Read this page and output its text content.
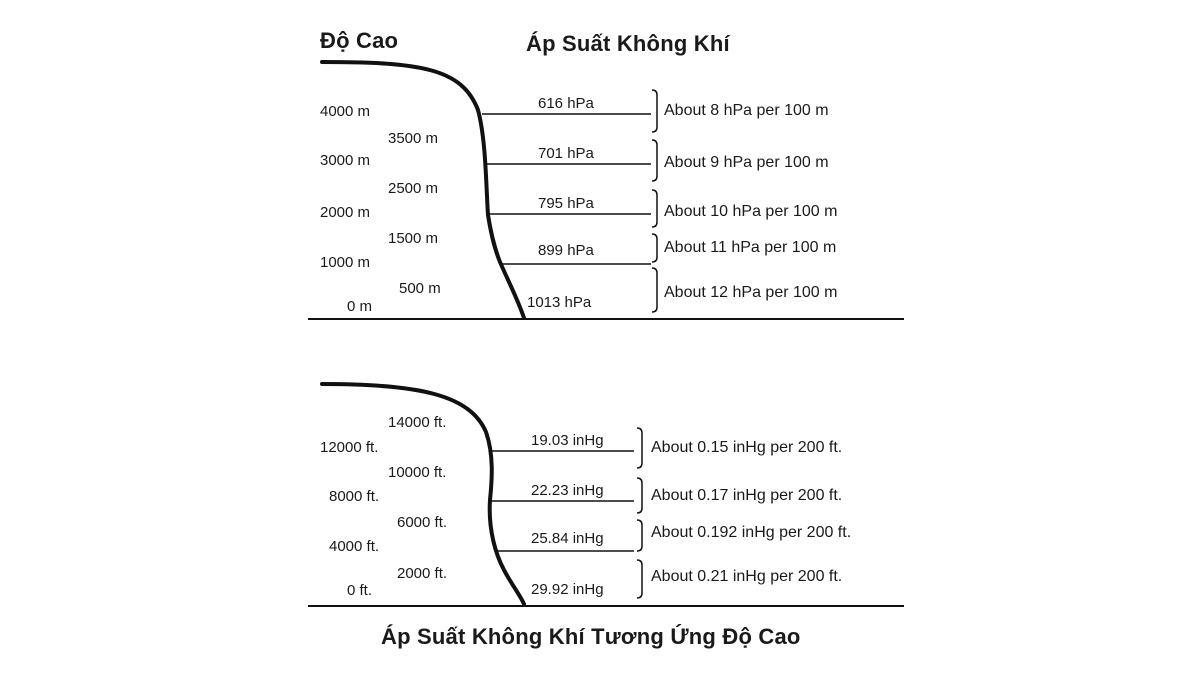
Độ Cao	Áp Suất Không Khí
4000 m
3000 m
2000 m
1000 m
0 m
3500 m
2500 m
1500 m
500 m
616 hPa
701 hPa
795 hPa
899 hPa
1013 hPa
About 8 hPa per 100 m
About 9 hPa per 100 m
About 10 hPa per 100 m
About 11 hPa per 100 m
About 12 hPa per 100 m
12000 ft.
8000 ft.
4000 ft.
0 ft.
14000 ft.
10000 ft.
6000 ft.
2000 ft.
19.03 inHg
22.23 inHg
25.84 inHg
29.92 inHg
About 0.15 inHg per 200 ft.
About 0.17 inHg per 200 ft.
About 0.192 inHg per 200 ft.
About 0.21 inHg per 200 ft.
Áp Suất Không Khí Tương Ứng Độ Cao
